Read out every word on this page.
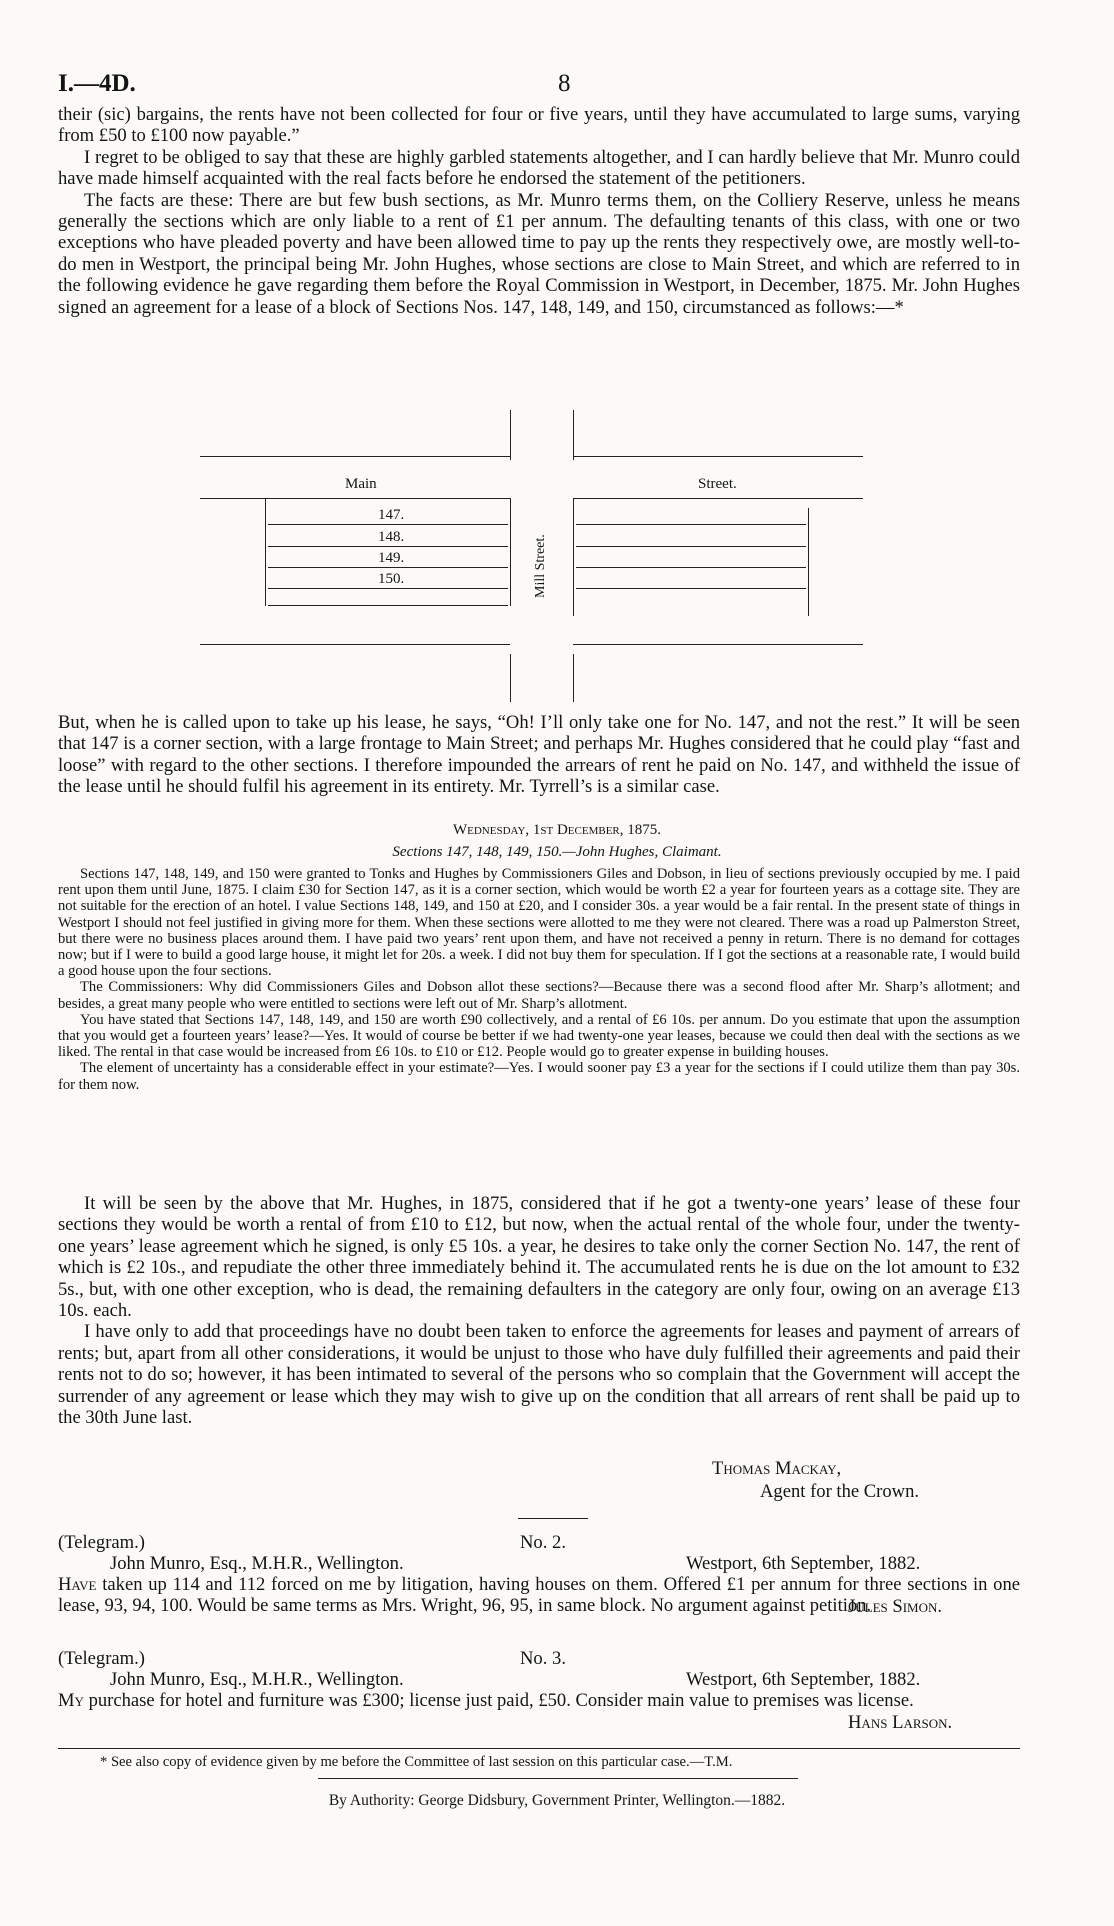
I.—4D.	8

their (sic) bargains, the rents have not been collected for four or five years, until they have accumulated to large sums, varying from £50 to £100 now payable.”

I regret to be obliged to say that these are highly garbled statements altogether, and I can hardly believe that Mr. Munro could have made himself acquainted with the real facts before he endorsed the statement of the petitioners.

The facts are these: There are but few bush sections, as Mr. Munro terms them, on the Colliery Reserve, unless he means generally the sections which are only liable to a rent of £1 per annum. The defaulting tenants of this class, with one or two exceptions who have pleaded poverty and have been allowed time to pay up the rents they respectively owe, are mostly well-to-do men in Westport, the principal being Mr. John Hughes, whose sections are close to Main Street, and which are referred to in the following evidence he gave regarding them before the Royal Commission in Westport, in December, 1875. Mr. John Hughes signed an agreement for a lease of a block of Sections Nos. 147, 148, 149, and 150, circumstanced as follows:—*

Main	Street.
147.
148.
149.
150.	Mill Street.

But, when he is called upon to take up his lease, he says, “Oh! I’ll only take one for No. 147, and not the rest.” It will be seen that 147 is a corner section, with a large frontage to Main Street; and perhaps Mr. Hughes considered that he could play “fast and loose” with regard to the other sections. I therefore impounded the arrears of rent he paid on No. 147, and withheld the issue of the lease until he should fulfil his agreement in its entirety. Mr. Tyrrell’s is a similar case.

Wednesday, 1st December, 1875.
Sections 147, 148, 149, 150.—John Hughes, Claimant.

Sections 147, 148, 149, and 150 were granted to Tonks and Hughes by Commissioners Giles and Dobson, in lieu of sections previously occupied by me. I paid rent upon them until June, 1875. I claim £30 for Section 147, as it is a corner section, which would be worth £2 a year for fourteen years as a cottage site. They are not suitable for the erection of an hotel. I value Sections 148, 149, and 150 at £20, and I consider 30s. a year would be a fair rental. In the present state of things in Westport I should not feel justified in giving more for them. When these sections were allotted to me they were not cleared. There was a road up Palmerston Street, but there were no business places around them. I have paid two years’ rent upon them, and have not received a penny in return. There is no demand for cottages now; but if I were to build a good large house, it might let for 20s. a week. I did not buy them for speculation. If I got the sections at a reasonable rate, I would build a good house upon the four sections.

The Commissioners: Why did Commissioners Giles and Dobson allot these sections?—Because there was a second flood after Mr. Sharp’s allotment; and besides, a great many people who were entitled to sections were left out of Mr. Sharp’s allotment.

You have stated that Sections 147, 148, 149, and 150 are worth £90 collectively, and a rental of £6 10s. per annum. Do you estimate that upon the assumption that you would get a fourteen years’ lease?—Yes. It would of course be better if we had twenty-one year leases, because we could then deal with the sections as we liked. The rental in that case would be increased from £6 10s. to £10 or £12. People would go to greater expense in building houses.

The element of uncertainty has a considerable effect in your estimate?—Yes. I would sooner pay £3 a year for the sections if I could utilize them than pay 30s. for them now.

It will be seen by the above that Mr. Hughes, in 1875, considered that if he got a twenty-one years’ lease of these four sections they would be worth a rental of from £10 to £12, but now, when the actual rental of the whole four, under the twenty-one years’ lease agreement which he signed, is only £5 10s. a year, he desires to take only the corner Section No. 147, the rent of which is £2 10s., and repudiate the other three immediately behind it. The accumulated rents he is due on the lot amount to £32 5s., but, with one other exception, who is dead, the remaining defaulters in the category are only four, owing on an average £13 10s. each.

I have only to add that proceedings have no doubt been taken to enforce the agreements for leases and payment of arrears of rents; but, apart from all other considerations, it would be unjust to those who have duly fulfilled their agreements and paid their rents not to do so; however, it has been intimated to several of the persons who so complain that the Government will accept the surrender of any agreement or lease which they may wish to give up on the condition that all arrears of rent shall be paid up to the 30th June last.

Thomas Mackay,
Agent for the Crown.
(Telegram.)	No. 2.
John Munro, Esq., M.H.R., Wellington.	Westport, 6th September, 1882.
Have taken up 114 and 112 forced on me by litigation, having houses on them. Offered £1 per annum for three sections in one lease, 93, 94, 100. Would be same terms as Mrs. Wright, 96, 95, in same block. No argument against petition.
Jules Simon.
(Telegram.)	No. 3.
John Munro, Esq., M.H.R., Wellington.	Westport, 6th September, 1882.
My purchase for hotel and furniture was £300; license just paid, £50. Consider main value to premises was license.
Hans Larson.
* See also copy of evidence given by me before the Committee of last session on this particular case.—T.M.
By Authority: George Didsbury, Government Printer, Wellington.—1882.
